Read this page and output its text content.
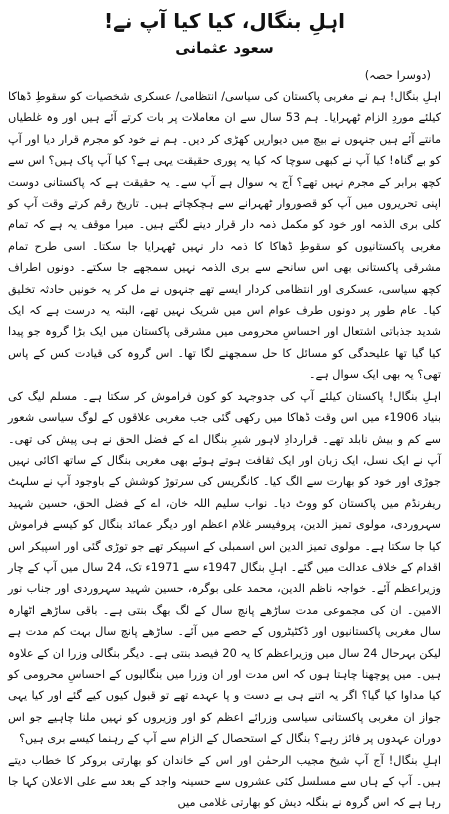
اہلِ بنگال، کیا کیا آپ نے!
سعود عثمانی
(دوسرا حصہ)

اہلِ بنگال! ہم نے مغربی پاکستان کی سیاسی/ انتظامی/ عسکری شخصیات کو سقوطِ ڈھاکا کیلئے موردِ الزام ٹھہرایا۔ ہم 53 سال سے ان معاملات پر بات کرتے آئے ہیں اور وہ غلطیاں مانتے آئے ہیں جنہوں نے بیچ میں دیواریں کھڑی کر دیں۔ ہم نے خود کو مجرم قرار دیا اور آپ کو بے گناہ! کیا آپ نے کبھی سوچا کہ کیا یہ پوری حقیقت یہی ہے؟ کیا آپ پاک ہیں؟ اس سے کچھ برابر کے مجرم نہیں تھے؟ آج یہ سوال ہے آپ سے۔ یہ حقیقت ہے کہ پاکستانی دوست اپنی تحریروں میں آپ کو قصوروار ٹھہرانے سے ہچکچاتے ہیں۔ تاریخ رقم کرتے وقت آپ کو کلی بری الذمہ اور خود کو مکمل ذمہ دار قرار دینے لگتے ہیں۔ میرا موقف یہ ہے کہ تمام مغربی پاکستانیوں کو سقوطِ ڈھاکا کا ذمہ دار نہیں ٹھہرایا جا سکتا۔ اسی طرح تمام مشرقی پاکستانی بھی اس سانحے سے بری الذمہ نہیں سمجھے جا سکتے۔ دونوں اطراف کچھ سیاسی، عسکری اور انتظامی کردار ایسے تھے جنہوں نے مل کر یہ خونیں حادثہ تخلیق کیا۔ عام طور پر دونوں طرف عوام اس میں شریک نہیں تھے، البتہ یہ درست ہے کہ ایک شدید جذباتی اشتعال اور احساسِ محرومی میں مشرقی پاکستان میں ایک بڑا گروہ جو پیدا کیا گیا تھا علیحدگی کو مسائل کا حل سمجھنے لگا تھا۔ اس گروہ کی قیادت کس کے پاس تھی؟ یہ بھی ایک سوال ہے۔

اہلِ بنگال! پاکستان کیلئے آپ کی جدوجہد کو کون فراموش کر سکتا ہے۔ مسلم لیگ کی بنیاد 1906ء میں اس وقت ڈھاکا میں رکھی گئی جب مغربی علاقوں کے لوگ سیاسی شعور سے کم و بیش نابلد تھے۔ قراردادِ لاہور شیرِ بنگال اے کے فضل الحق نے ہی پیش کی تھی۔ آپ نے ایک نسل، ایک زبان اور ایک ثقافت ہوتے ہوئے بھی مغربی بنگال کے ساتھ اکائی نہیں جوڑی اور خود کو بھارت سے الگ کیا۔ کانگریس کی سرتوڑ کوشش کے باوجود آپ نے سلہٹ ریفرنڈم میں پاکستان کو ووٹ دیا۔ نواب سلیم اللہ خان، اے کے فضل الحق، حسین شہید سہروردی، مولوی تمیز الدین، پروفیسر غلام اعظم اور دیگر عمائد بنگال کو کیسے فراموش کیا جا سکتا ہے۔ مولوی تمیز الدین اس اسمبلی کے اسپیکر تھے جو توڑی گئی اور اسپیکر اس اقدام کے خلاف عدالت میں گئے۔ اہلِ بنگال 1947ء سے 1971ء تک، 24 سال میں آپ کے چار وزیراعظم آئے۔ خواجہ ناظم الدین، محمد علی بوگرہ، حسین شہید سہروردی اور جناب نور الامین۔ ان کی مجموعی مدت ساڑھے پانچ سال کے لگ بھگ بنتی ہے۔ باقی ساڑھے اٹھارہ سال مغربی پاکستانیوں اور ڈکٹیٹروں کے حصے میں آئے۔ ساڑھے پانچ سال بہت کم مدت ہے لیکن بہرحال 24 سال میں وزیراعظم کا یہ 20 فیصد بنتی ہے۔ دیگر بنگالی وزرا ان کے علاوہ ہیں۔ میں پوچھنا چاہتا ہوں کہ اس مدت اور ان وزرا میں بنگالیوں کے احساسِ محرومی کو کیا مداوا کیا گیا؟ اگر یہ اتنے ہی بے دست و پا عہدے تھے تو قبول کیوں کیے گئے اور کیا یہی جواز ان مغربی پاکستانی سیاسی وزرائے اعظم کو اور وزیروں کو نہیں ملنا چاہیے جو اس دوران عہدوں پر فائز رہے؟ بنگال کے استحصال کے الزام سے آپ کے رہنما کیسے بری ہیں؟

اہلِ بنگال! آج آپ شیخ مجیب الرحمٰن اور اس کے خاندان کو بھارتی بروکر کا خطاب دیتے ہیں۔ آپ کے ہاں سے مسلسل کئی عشروں سے حسینہ واجد کے بعد سے علی الاعلان کہا جا رہا ہے کہ اس گروہ نے بنگلہ دیش کو بھارتی غلامی میں
